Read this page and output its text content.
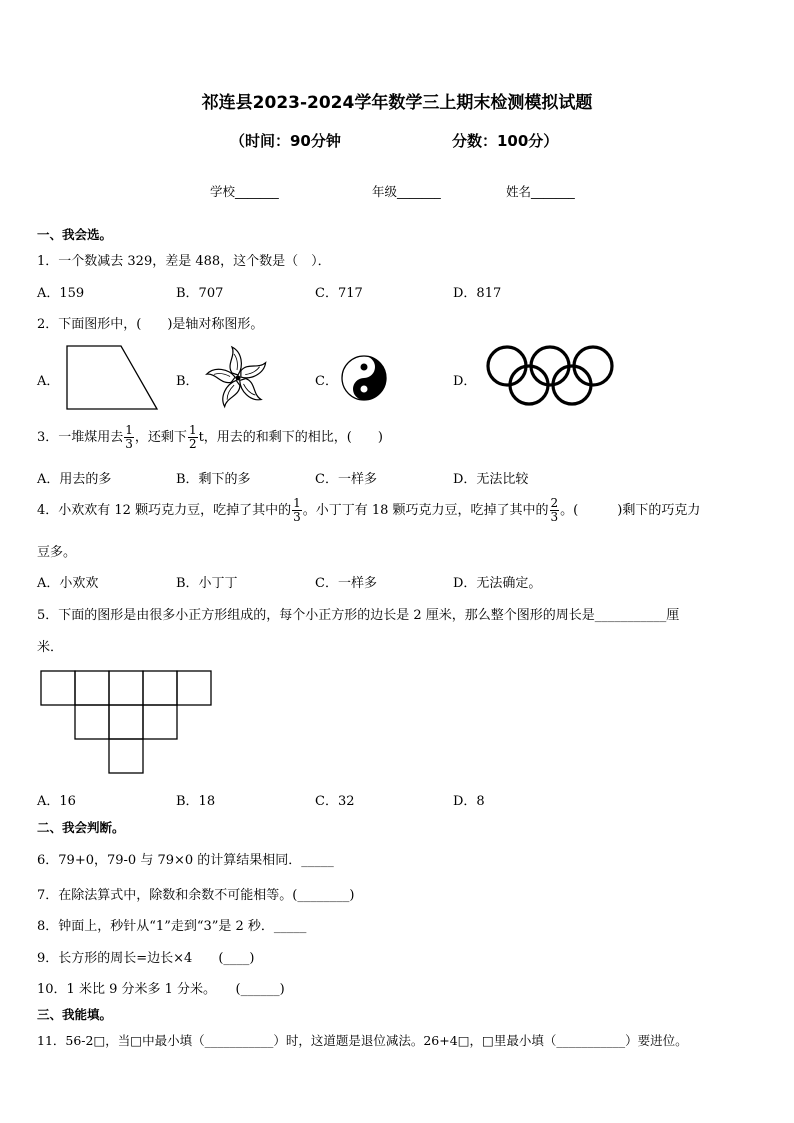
祁连县2023-2024学年数学三上期末检测模拟试题
（时间：90分钟	分数：100分）
学校_______	年级_______	姓名_______
一、我会选。
1．一个数减去 329，差是 488，这个数是（　）．
A．159	B．707	C．717	D．817
2．下面图形中，(　　)是轴对称图形。
A．	B．	C．	D．
3．一堆煤用去 $\frac{1}{3}$ ，还剩下 $\frac{1}{2}$ t，用去的和剩下的相比，(　　)
A．用去的多	B．剩下的多	C．一样多	D．无法比较
4．小欢欢有 12 颗巧克力豆，吃掉了其中的 $\frac{1}{3}$ 。小丁丁有 18 颗巧克力豆，吃掉了其中的 $\frac{2}{3}$ 。(　　　)剩下的巧克力
豆多。
A．小欢欢	B．小丁丁	C．一样多	D．无法确定。
5．下面的图形是由很多小正方形组成的，每个小正方形的边长是 2 厘米，那么整个图形的周长是___________厘
米．
A．16	B．18	C．32	D．8
二、我会判断。
6．79+0，79-0 与 79×0 的计算结果相同．_____
7．在除法算式中，除数和余数不可能相等。(________)
8．钟面上，秒针从“1”走到“3”是 2 秒．_____
9．长方形的周长=边长×4　　(____)
10．1 米比 9 分米多 1 分米。　　(______)
三、我能填。
11．56-2□，当□中最小填（___________）时，这道题是退位减法。26+4□，□里最小填（___________）要进位。
